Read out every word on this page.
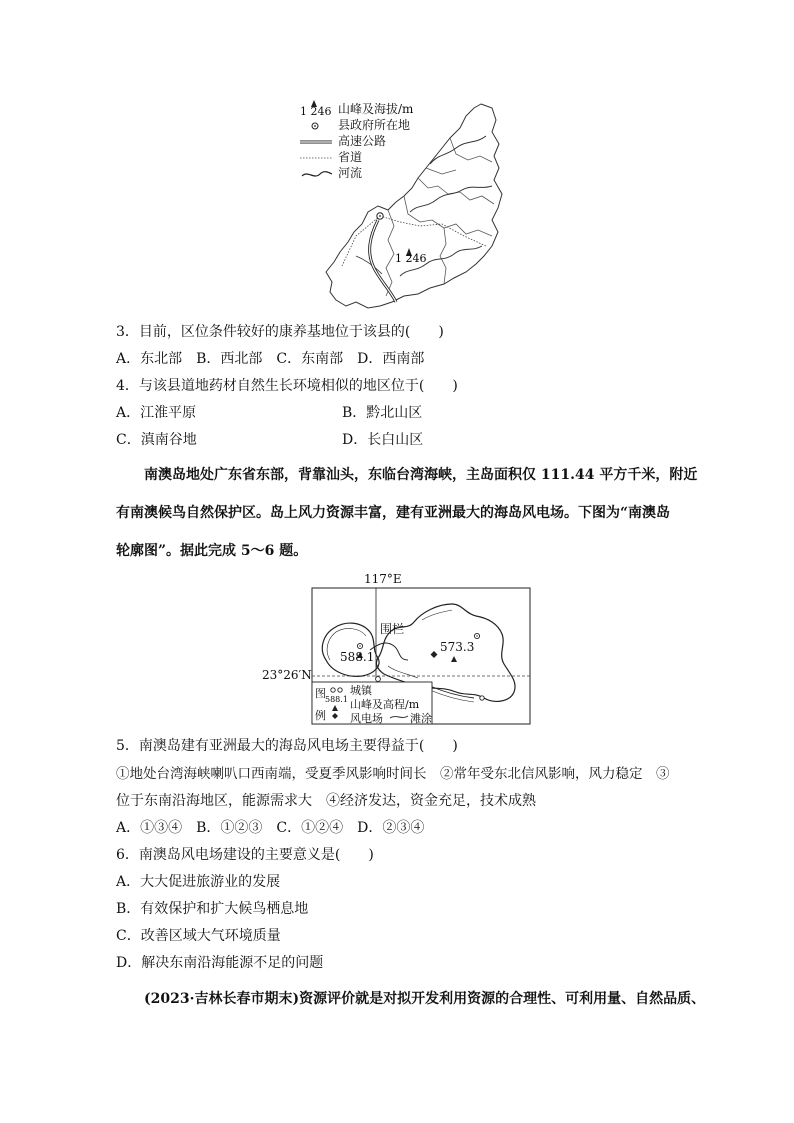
1 246
1 246 山峰及海拔/m
县政府所在地
高速公路
省道
河流
3．目前，区位条件较好的康养基地位于该县的(　　)
A．东北部　B．西北部　C．东南部　D．西南部
4．与该县道地药材自然生长环境相似的地区位于(　　)
A．江淮平原	B．黔北山区
C．滇南谷地	D．长白山区
南澳岛地处广东省东部，背靠汕头，东临台湾海峡，主岛面积仅 111.44 平方千米，附近
有南澳候鸟自然保护区。岛上风力资源丰富，建有亚洲最大的海岛风电场。下图为“南澳岛
轮廓图”。据此完成 5～6 题。
117°E
23°26′N
围栏
588.1
573.3
图
例
城镇
588.1 山峰及高程/m
风电场 滩涂
5．南澳岛建有亚洲最大的海岛风电场主要得益于(　　)
①地处台湾海峡喇叭口西南端，受夏季风影响时间长　②常年受东北信风影响，风力稳定　③
位于东南沿海地区，能源需求大　④经济发达，资金充足，技术成熟
A．①③④　B．①②③　C．①②④　D．②③④
6．南澳岛风电场建设的主要意义是(　　)
A．大大促进旅游业的发展
B．有效保护和扩大候鸟栖息地
C．改善区域大气环境质量
D．解决东南沿海能源不足的问题
(2023·吉林长春市期末)资源评价就是对拟开发利用资源的合理性、可利用量、自然品质、
